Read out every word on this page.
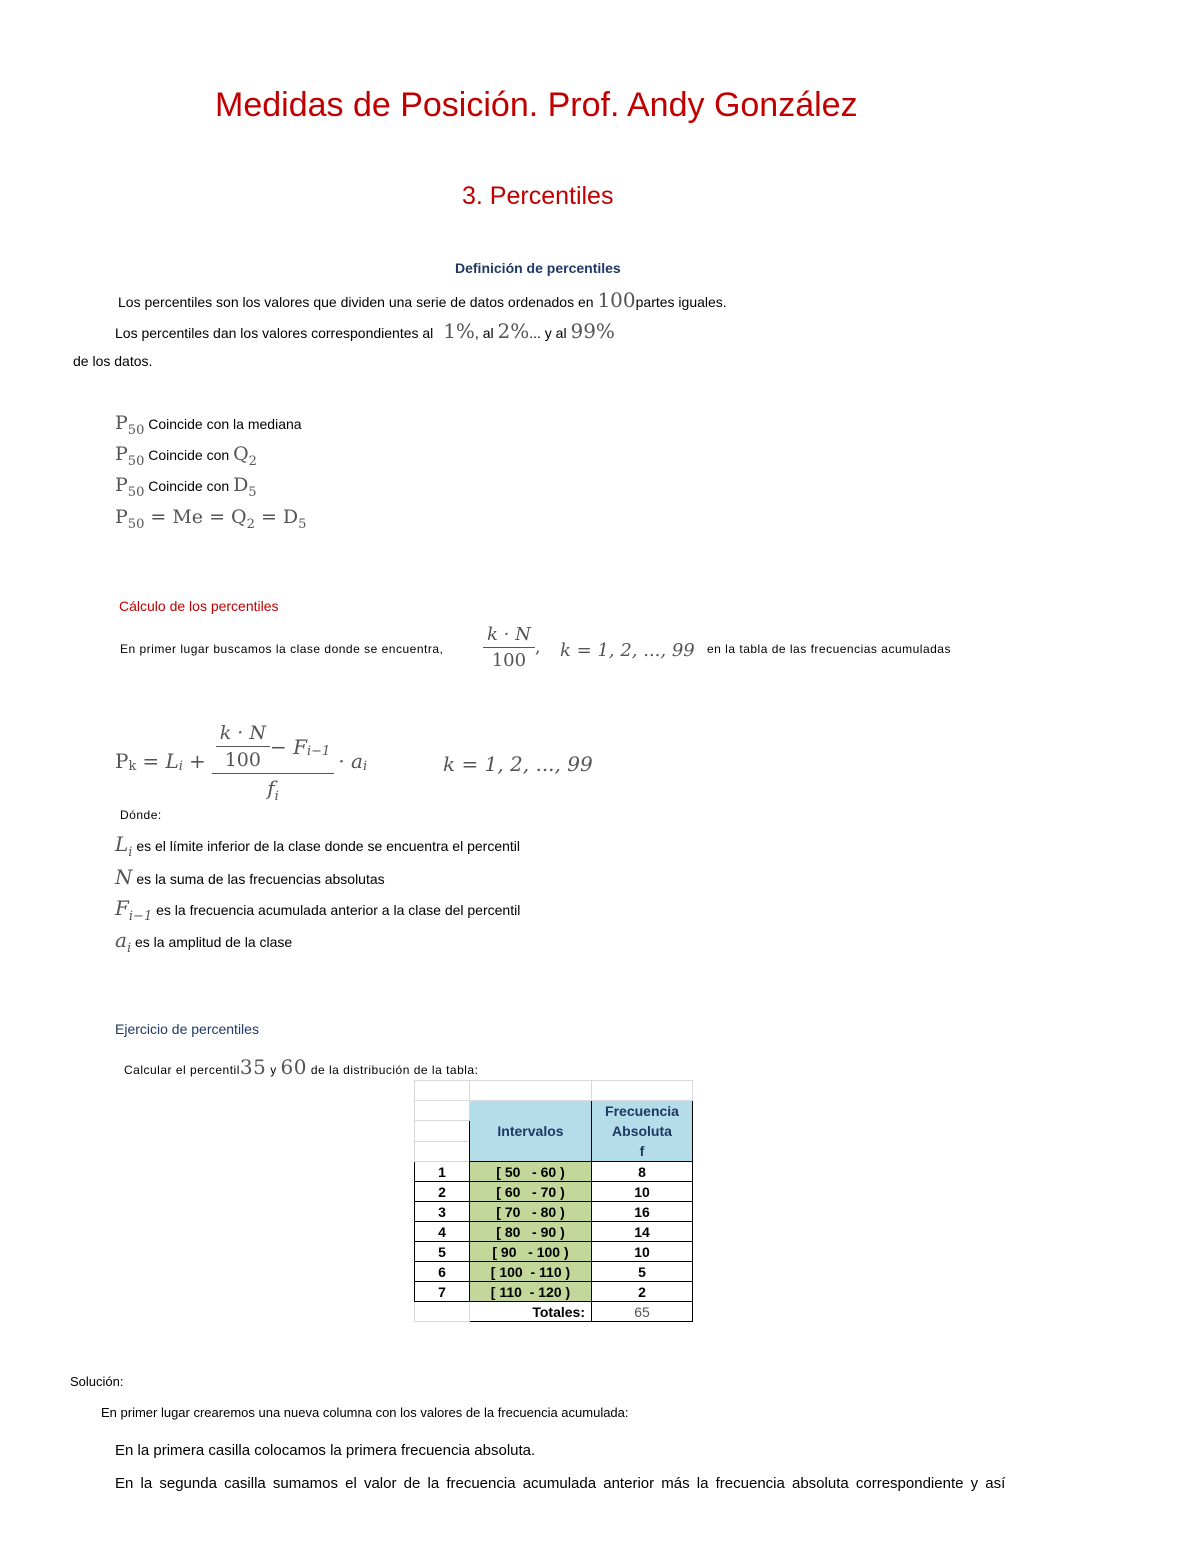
Medidas de Posición. Prof. Andy González
3. Percentiles
Definición de percentiles
Los percentiles son los valores que dividen una serie de datos ordenados en 100partes iguales.
Los percentiles dan los valores correspondientes al 1%, al 2%... y al 99%
de los datos.
P50 Coincide con la mediana
P50 Coincide con Q2
P50 Coincide con D5
$P_{50} = Me = Q_2 = D_5$
Cálculo de los percentiles
En primer lugar buscamos la clase donde se encuentra, $\frac{k \cdot N}{100}$ , k = 1, 2, ..., 99 en la tabla de las frecuencias acumuladas
P k = L $i + \frac{\frac{k \cdot N}{100} - F i-1}{f_i} \cdot a$ i	k = 1, 2, ..., 99
Dónde:
Li es el límite inferior de la clase donde se encuentra el percentil
N es la suma de las frecuencias absolutas
Fi−1 es la frecuencia acumulada anterior a la clase del percentil
ai es la amplitud de la clase
Ejercicio de percentiles
Calcular el percentil35 y 60 de la distribución de la tabla:

	Intervalos	Frecuencia
Absoluta
f

1	[ 50   - 60 )	8
2	[ 60   - 70 )	10
3	[ 70   - 80 )	16
4	[ 80   - 90 )	14
5	[ 90   - 100 )	10
6	[ 100  - 110 )	5
7	[ 110  - 120 )	2
	Totales:	65
Solución:
En primer lugar crearemos una nueva columna con los valores de la frecuencia acumulada:
En la primera casilla colocamos la primera frecuencia absoluta.
En la segunda casilla sumamos el valor de la frecuencia acumulada anterior más la frecuencia absoluta correspondiente y así
